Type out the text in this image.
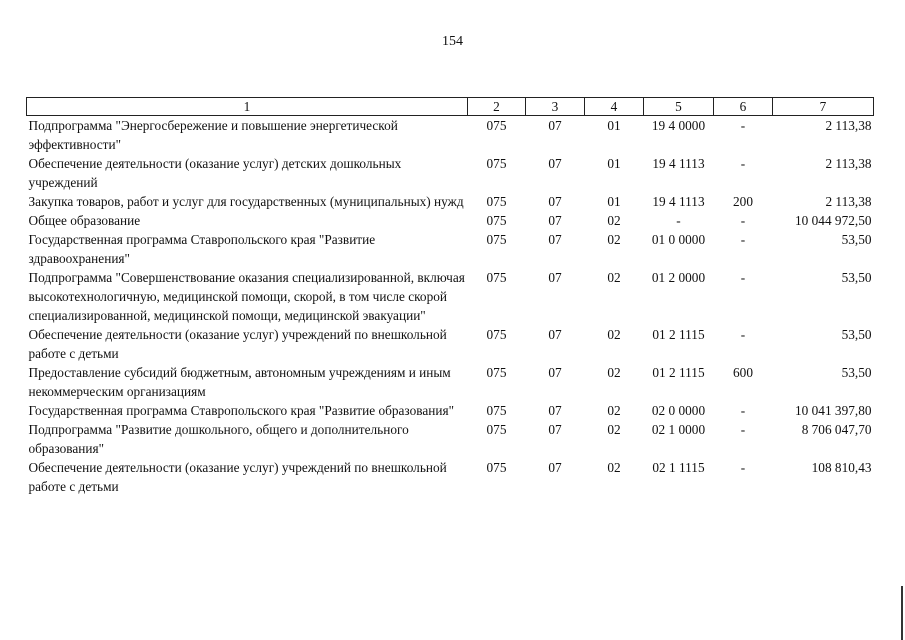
154
1	2	3	4	5	6	7
Подпрограмма "Энергосбережение и повышение энергетической эффективности"	075	07	01	19 4 0000	-	2 113,38
Обеспечение деятельности (оказание услуг) детских дошкольных учреждений	075	07	01	19 4 1113	-	2 113,38
Закупка товаров, работ и услуг для государственных (муниципальных) нужд	075	07	01	19 4 1113	200	2 113,38
Общее образование	075	07	02	-	-	10 044 972,50
Государственная программа Ставропольского края "Развитие здравоохранения"	075	07	02	01 0 0000	-	53,50
Подпрограмма "Совершенствование оказания специализированной, включая высокотехнологичную, медицинской помощи, скорой, в том числе скорой специализированной, медицинской помощи, медицинской эвакуации"	075	07	02	01 2 0000	-	53,50
Обеспечение деятельности (оказание услуг) учреждений по внешкольной работе с детьми	075	07	02	01 2 1115	-	53,50
Предоставление субсидий бюджетным, автономным учреждениям и иным некоммерческим организациям	075	07	02	01 2 1115	600	53,50
Государственная программа Ставропольского края "Развитие образования"	075	07	02	02 0 0000	-	10 041 397,80
Подпрограмма "Развитие дошкольного, общего и дополнительного образования"	075	07	02	02 1 0000	-	8 706 047,70
Обеспечение деятельности (оказание услуг) учреждений по внешкольной работе с детьми	075	07	02	02 1 1115	-	108 810,43
